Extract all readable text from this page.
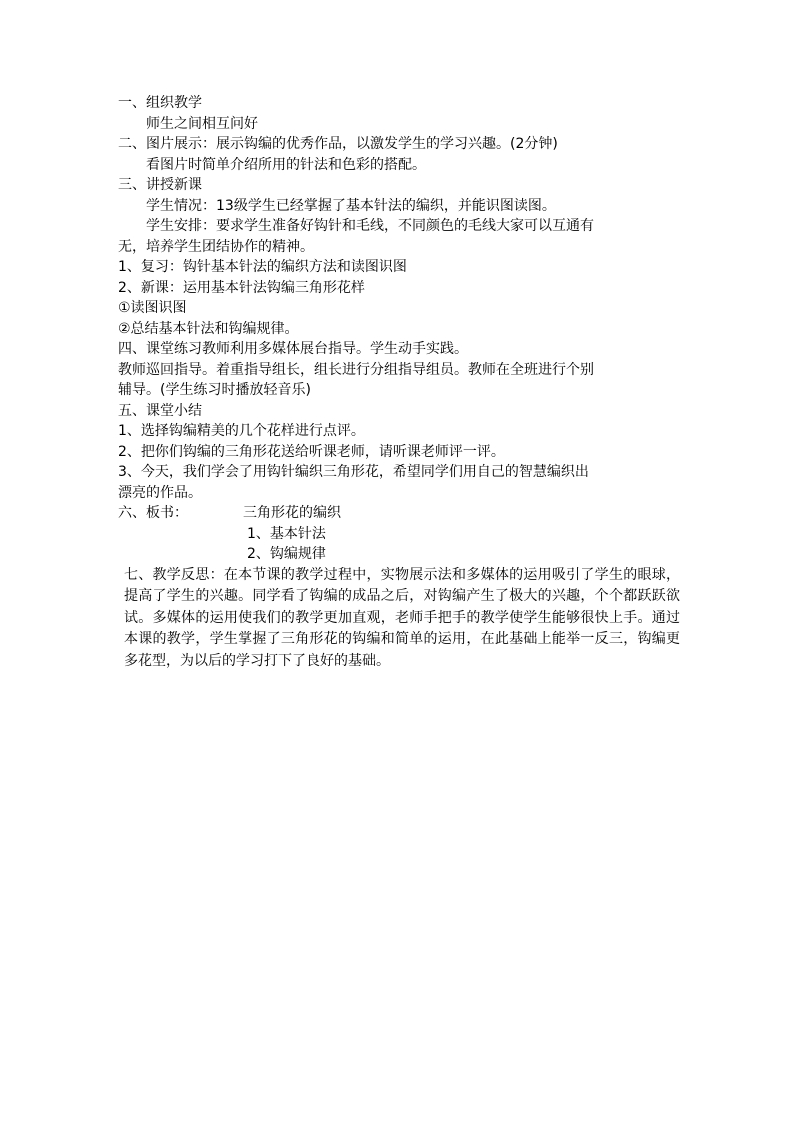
一、组织教学

师生之间相互问好

二、图片展示：展示钩编的优秀作品，以激发学生的学习兴趣。(2分钟)

看图片时简单介绍所用的针法和色彩的搭配。

三、讲授新课

学生情况：13级学生已经掌握了基本针法的编织，并能识图读图。

学生安排：要求学生准备好钩针和毛线，不同颜色的毛线大家可以互通有

无，培养学生团结协作的精神。

1、复习：钩针基本针法的编织方法和读图识图

2、新课：运用基本针法钩编三角形花样

①读图识图

②总结基本针法和钩编规律。

四、课堂练习教师利用多媒体展台指导。学生动手实践。

教师巡回指导。着重指导组长，组长进行分组指导组员。教师在全班进行个别

辅导。(学生练习时播放轻音乐)

五、课堂小结

1、选择钩编精美的几个花样进行点评。

2、把你们钩编的三角形花送给听课老师，请听课老师评一评。

3、今天，我们学会了用钩针编织三角形花，希望同学们用自己的智慧编织出

漂亮的作品。

六、板书：	三角形花的编织

1、基本针法

2、钩编规律

七、教学反思：在本节课的教学过程中，实物展示法和多媒体的运用吸引了学生的眼球，提高了学生的兴趣。同学看了钩编的成品之后，对钩编产生了极大的兴趣，个个都跃跃欲试。多媒体的运用使我们的教学更加直观，老师手把手的教学使学生能够很快上手。通过本课的教学，学生掌握了三角形花的钩编和简单的运用，在此基础上能举一反三，钩编更多花型，为以后的学习打下了良好的基础。
